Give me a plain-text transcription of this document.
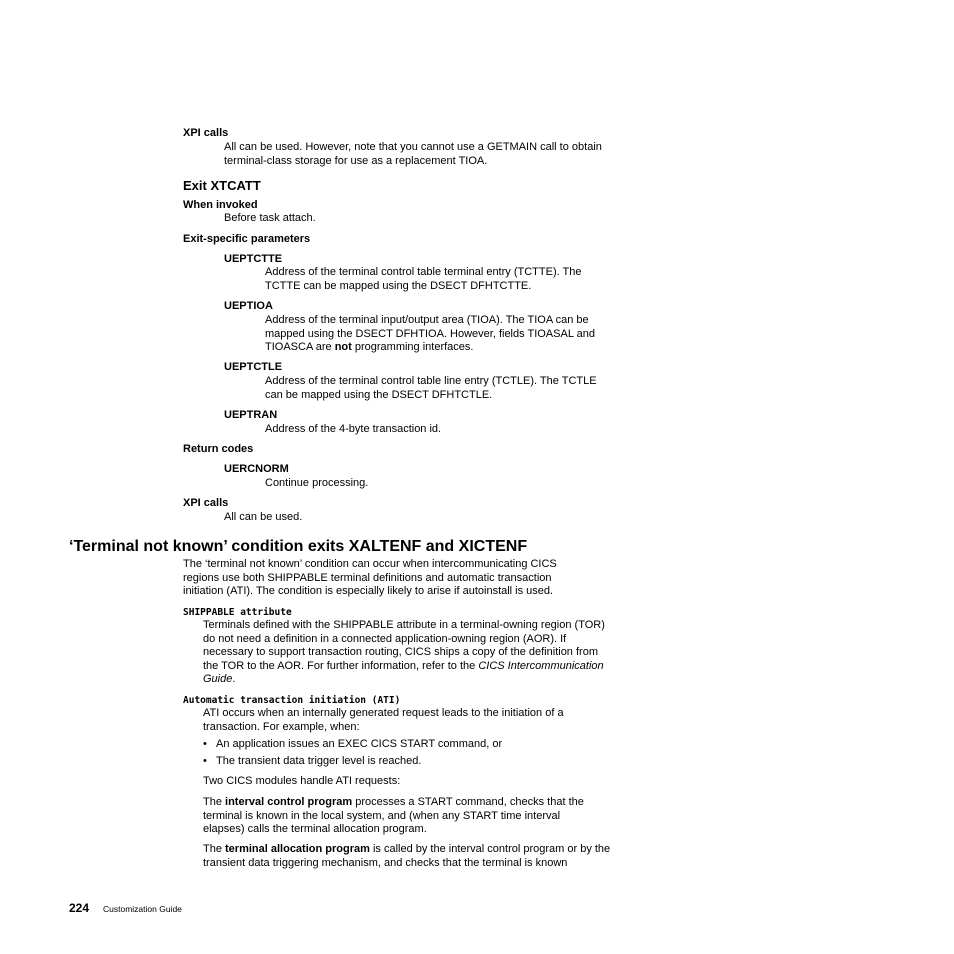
XPI calls
All can be used. However, note that you cannot use a GETMAIN call to obtain terminal-class storage for use as a replacement TIOA.
Exit XTCATT
When invoked
Before task attach.
Exit-specific parameters
UEPTCTTE
Address of the terminal control table terminal entry (TCTTE). The TCTTE can be mapped using the DSECT DFHTCTTE.
UEPTIOA
Address of the terminal input/output area (TIOA). The TIOA can be mapped using the DSECT DFHTIOA. However, fields TIOASAL and TIOASCA are not programming interfaces.
UEPTCTLE
Address of the terminal control table line entry (TCTLE). The TCTLE can be mapped using the DSECT DFHTCTLE.
UEPTRAN
Address of the 4-byte transaction id.
Return codes
UERCNORM
Continue processing.
XPI calls
All can be used.
‘Terminal not known’ condition exits XALTENF and XICTENF
The ‘terminal not known’ condition can occur when intercommunicating CICS regions use both SHIPPABLE terminal definitions and automatic transaction initiation (ATI). The condition is especially likely to arise if autoinstall is used.
SHIPPABLE attribute
Terminals defined with the SHIPPABLE attribute in a terminal-owning region (TOR) do not need a definition in a connected application-owning region (AOR). If necessary to support transaction routing, CICS ships a copy of the definition from the TOR to the AOR. For further information, refer to the CICS Intercommunication Guide.
Automatic transaction initiation (ATI)
ATI occurs when an internally generated request leads to the initiation of a transaction. For example, when:
• An application issues an EXEC CICS START command, or
• The transient data trigger level is reached.
Two CICS modules handle ATI requests:
The interval control program processes a START command, checks that the terminal is known in the local system, and (when any START time interval elapses) calls the terminal allocation program.
The terminal allocation program is called by the interval control program or by the transient data triggering mechanism, and checks that the terminal is known
224 Customization Guide
